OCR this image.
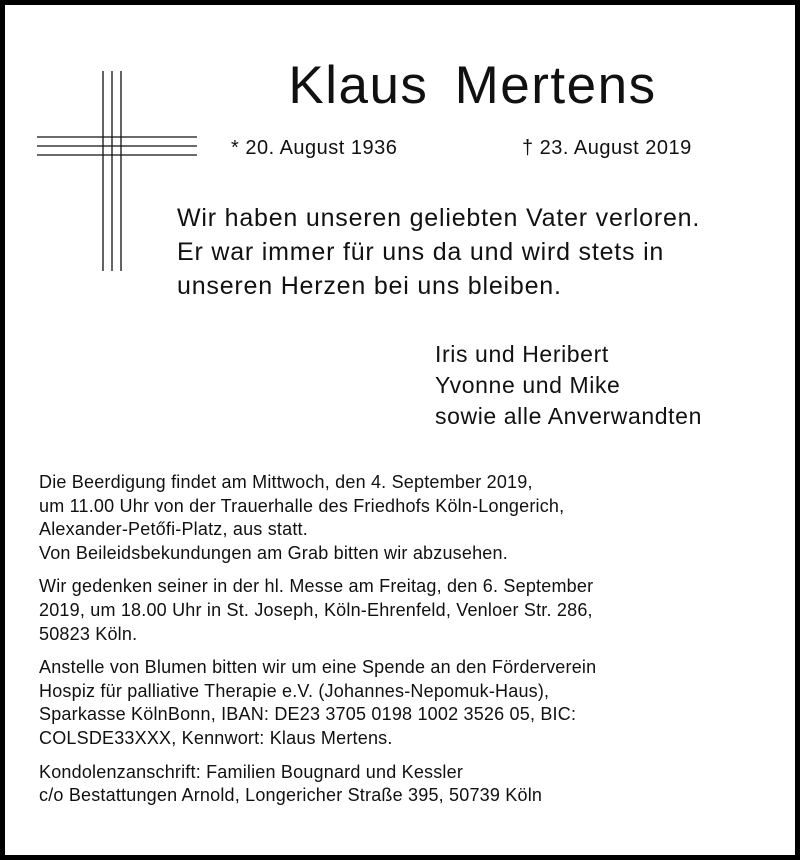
Klaus Mertens
* 20. August 1936	† 23. August 2019
Wir haben unseren geliebten Vater verloren.
Er war immer für uns da und wird stets in
unseren Herzen bei uns bleiben.
Iris und Heribert
Yvonne und Mike
sowie alle Anverwandten

Die Beerdigung findet am Mittwoch, den 4. September 2019,
um 11.00 Uhr von der Trauerhalle des Friedhofs Köln-Longerich,
Alexander-Petőfi-Platz, aus statt.
Von Beileidsbekundungen am Grab bitten wir abzusehen.

Wir gedenken seiner in der hl. Messe am Freitag, den 6. September
2019, um 18.00 Uhr in St. Joseph, Köln-Ehrenfeld, Venloer Str. 286,
50823 Köln.

Anstelle von Blumen bitten wir um eine Spende an den Förderverein
Hospiz für palliative Therapie e.V. (Johannes-Nepomuk-Haus),
Sparkasse KölnBonn, IBAN: DE23 3705 0198 1002 3526 05, BIC:
COLSDE33XXX, Kennwort: Klaus Mertens.

Kondolenzanschrift: Familien Bougnard und Kessler
c/o Bestattungen Arnold, Longericher Straße 395, 50739 Köln
